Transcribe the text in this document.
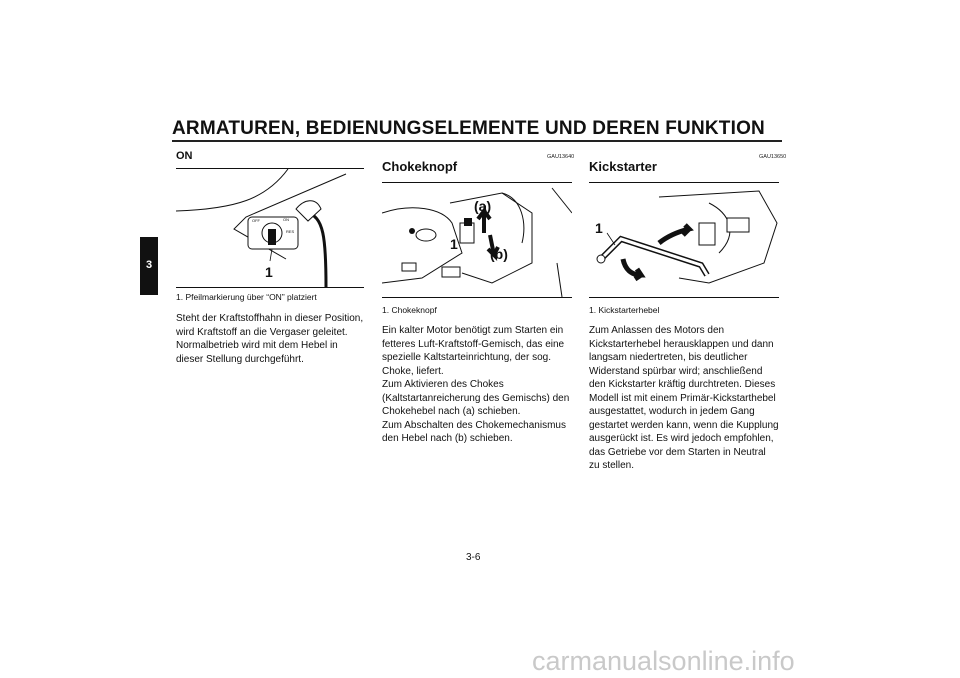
ARMATUREN, BEDIENUNGSELEMENTE UND DEREN FUNKTION
3
ON
OFF	ON
RES
1
1. Pfeilmarkierung über “ON” platziert

Steht der Kraftstoffhahn in dieser Position, wird Kraftstoff an die Vergaser geleitet. Normalbetrieb wird mit dem Hebel in dieser Stellung durchgeführt.

GAU13640
Chokeknopf
(a)
1
(b)
1. Chokeknopf

Ein kalter Motor benötigt zum Starten ein fetteres Luft-Kraftstoff-Gemisch, das eine spezielle Kaltstarteinrichtung, der sog. Choke, liefert.

Zum Aktivieren des Chokes (Kaltstartanreicherung des Gemischs) den Chokehebel nach (a) schieben.

Zum Abschalten des Chokemechanismus den Hebel nach (b) schieben.

GAU13650
Kickstarter
1
1. Kickstarterhebel

Zum Anlassen des Motors den Kickstarterhebel herausklappen und dann langsam niedertreten, bis deutlicher Widerstand spürbar wird; anschließend den Kickstarter kräftig durchtreten. Dieses Modell ist mit einem Primär-Kickstarthebel ausgestattet, wodurch in jedem Gang gestartet werden kann, wenn die Kupplung ausgerückt ist. Es wird jedoch empfohlen, das Getriebe vor dem Starten in Neutral zu stellen.

3-6
carmanualsonline.info
